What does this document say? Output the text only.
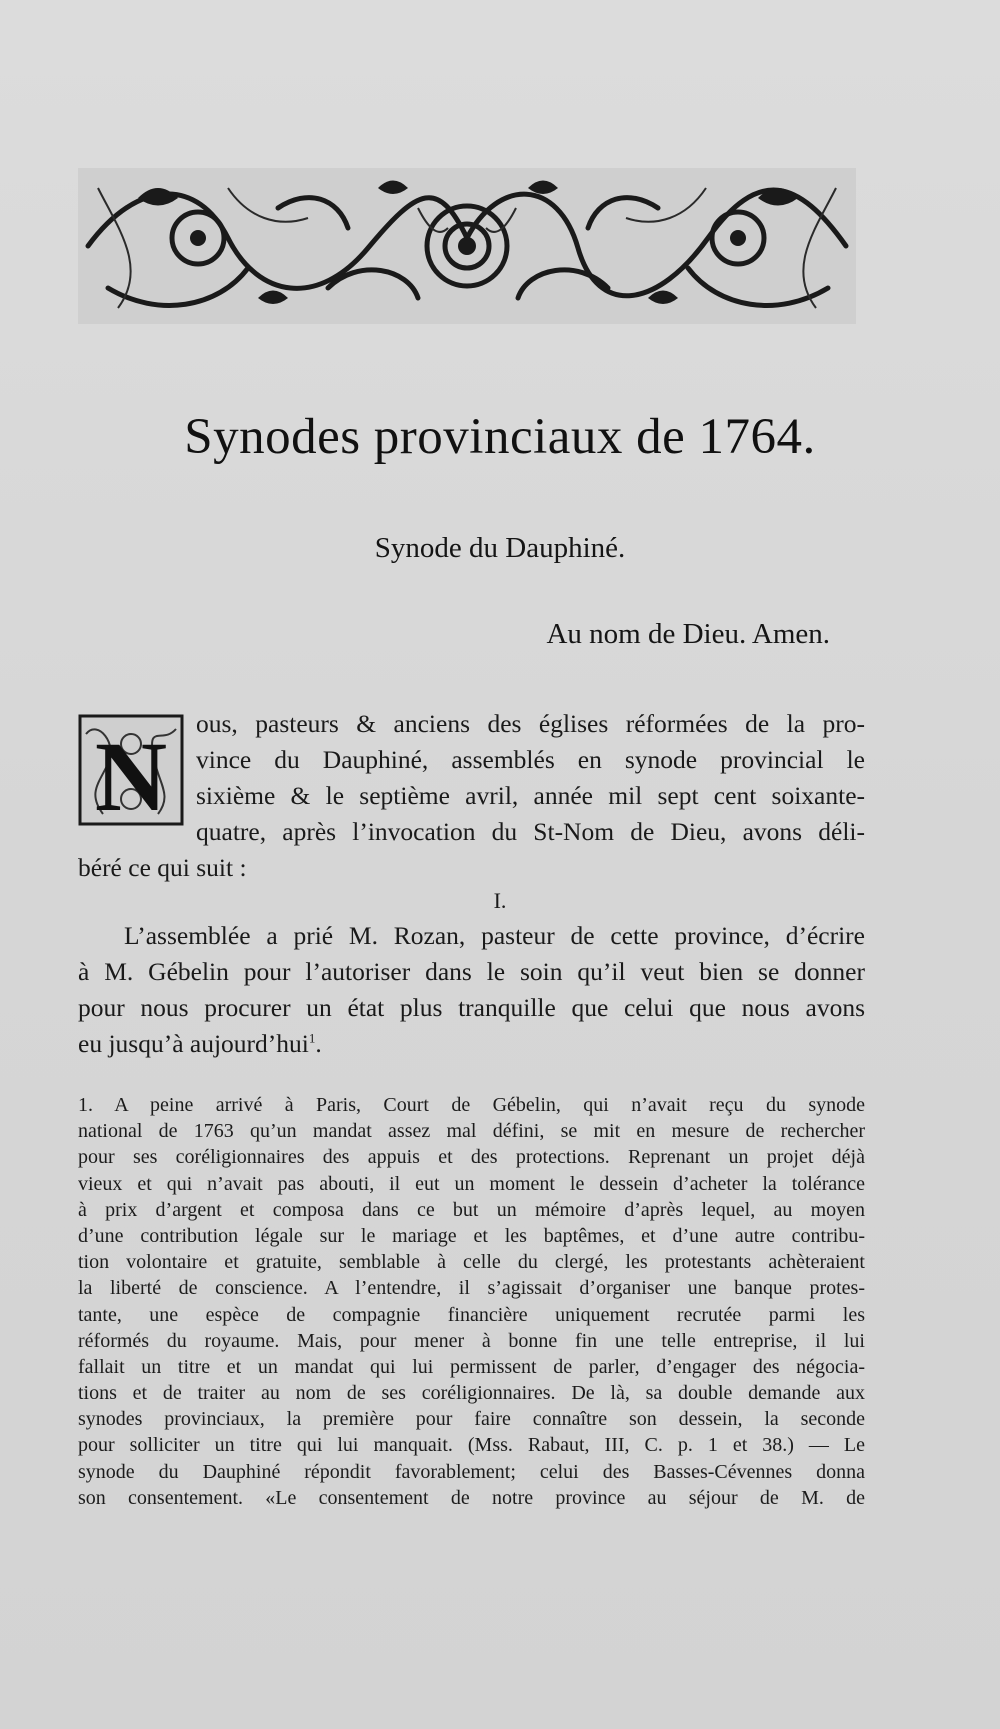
Synodes provinciaux de 1764.
Synode du Dauphiné.
Au nom de Dieu. Amen.
N	ous, pasteurs & anciens des églises réformées de la pro-
vince du Dauphiné, assemblés en synode provincial le
sixième & le septième avril, année mil sept cent soixante-
quatre, après l’invocation du St-Nom de Dieu, avons déli-
béré ce qui suit :
I.
L’assemblée a prié M. Rozan, pasteur de cette province, d’écrire
à M. Gébelin pour l’autoriser dans le soin qu’il veut bien se donner
pour nous procurer un état plus tranquille que celui que nous avons
eu jusqu’à aujourd’hui$^1$.
1. A peine arrivé à Paris, Court de Gébelin, qui n’avait reçu du synode
national de 1763 qu’un mandat assez mal défini, se mit en mesure de rechercher
pour ses coréligionnaires des appuis et des protections. Reprenant un projet déjà
vieux et qui n’avait pas abouti, il eut un moment le dessein d’acheter la tolérance
à prix d’argent et composa dans ce but un mémoire d’après lequel, au moyen
d’une contribution légale sur le mariage et les baptêmes, et d’une autre contribu-
tion volontaire et gratuite, semblable à celle du clergé, les protestants achèteraient
la liberté de conscience. A l’entendre, il s’agissait d’organiser une banque protes-
tante, une espèce de compagnie financière uniquement recrutée parmi les
réformés du royaume. Mais, pour mener à bonne fin une telle entreprise, il lui
fallait un titre et un mandat qui lui permissent de parler, d’engager des négocia-
tions et de traiter au nom de ses coréligionnaires. De là, sa double demande aux
synodes provinciaux, la première pour faire connaître son dessein, la seconde
pour solliciter un titre qui lui manquait. (Mss. Rabaut, III, C. p. 1 et 38.) — Le
synode du Dauphiné répondit favorablement; celui des Basses-Cévennes donna
son consentement. «Le consentement de notre province au séjour de M. de
